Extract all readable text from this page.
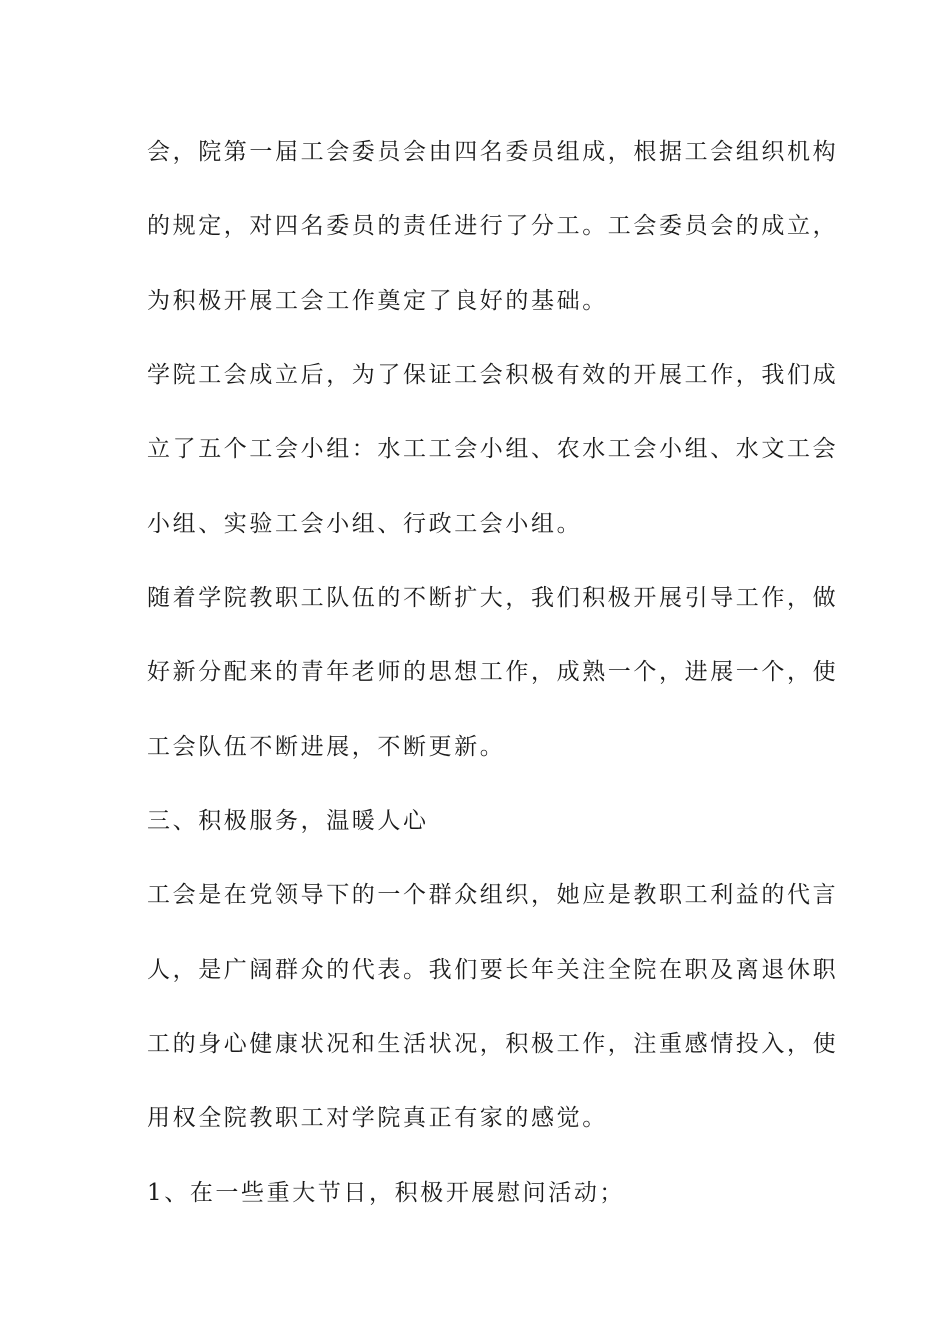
会，院第一届工会委员会由四名委员组成，根据工会组织机构

的规定，对四名委员的责任进行了分工。工会委员会的成立，

为积极开展工会工作奠定了良好的基础。

学院工会成立后，为了保证工会积极有效的开展工作，我们成

立了五个工会小组：水工工会小组、农水工会小组、水文工会

小组、实验工会小组、行政工会小组。

随着学院教职工队伍的不断扩大，我们积极开展引导工作，做

好新分配来的青年老师的思想工作，成熟一个，进展一个，使

工会队伍不断进展，不断更新。

三、积极服务，温暖人心

工会是在党领导下的一个群众组织，她应是教职工利益的代言

人，是广阔群众的代表。我们要长年关注全院在职及离退休职

工的身心健康状况和生活状况，积极工作，注重感情投入，使

用权全院教职工对学院真正有家的感觉。

1、在一些重大节日，积极开展慰问活动；
